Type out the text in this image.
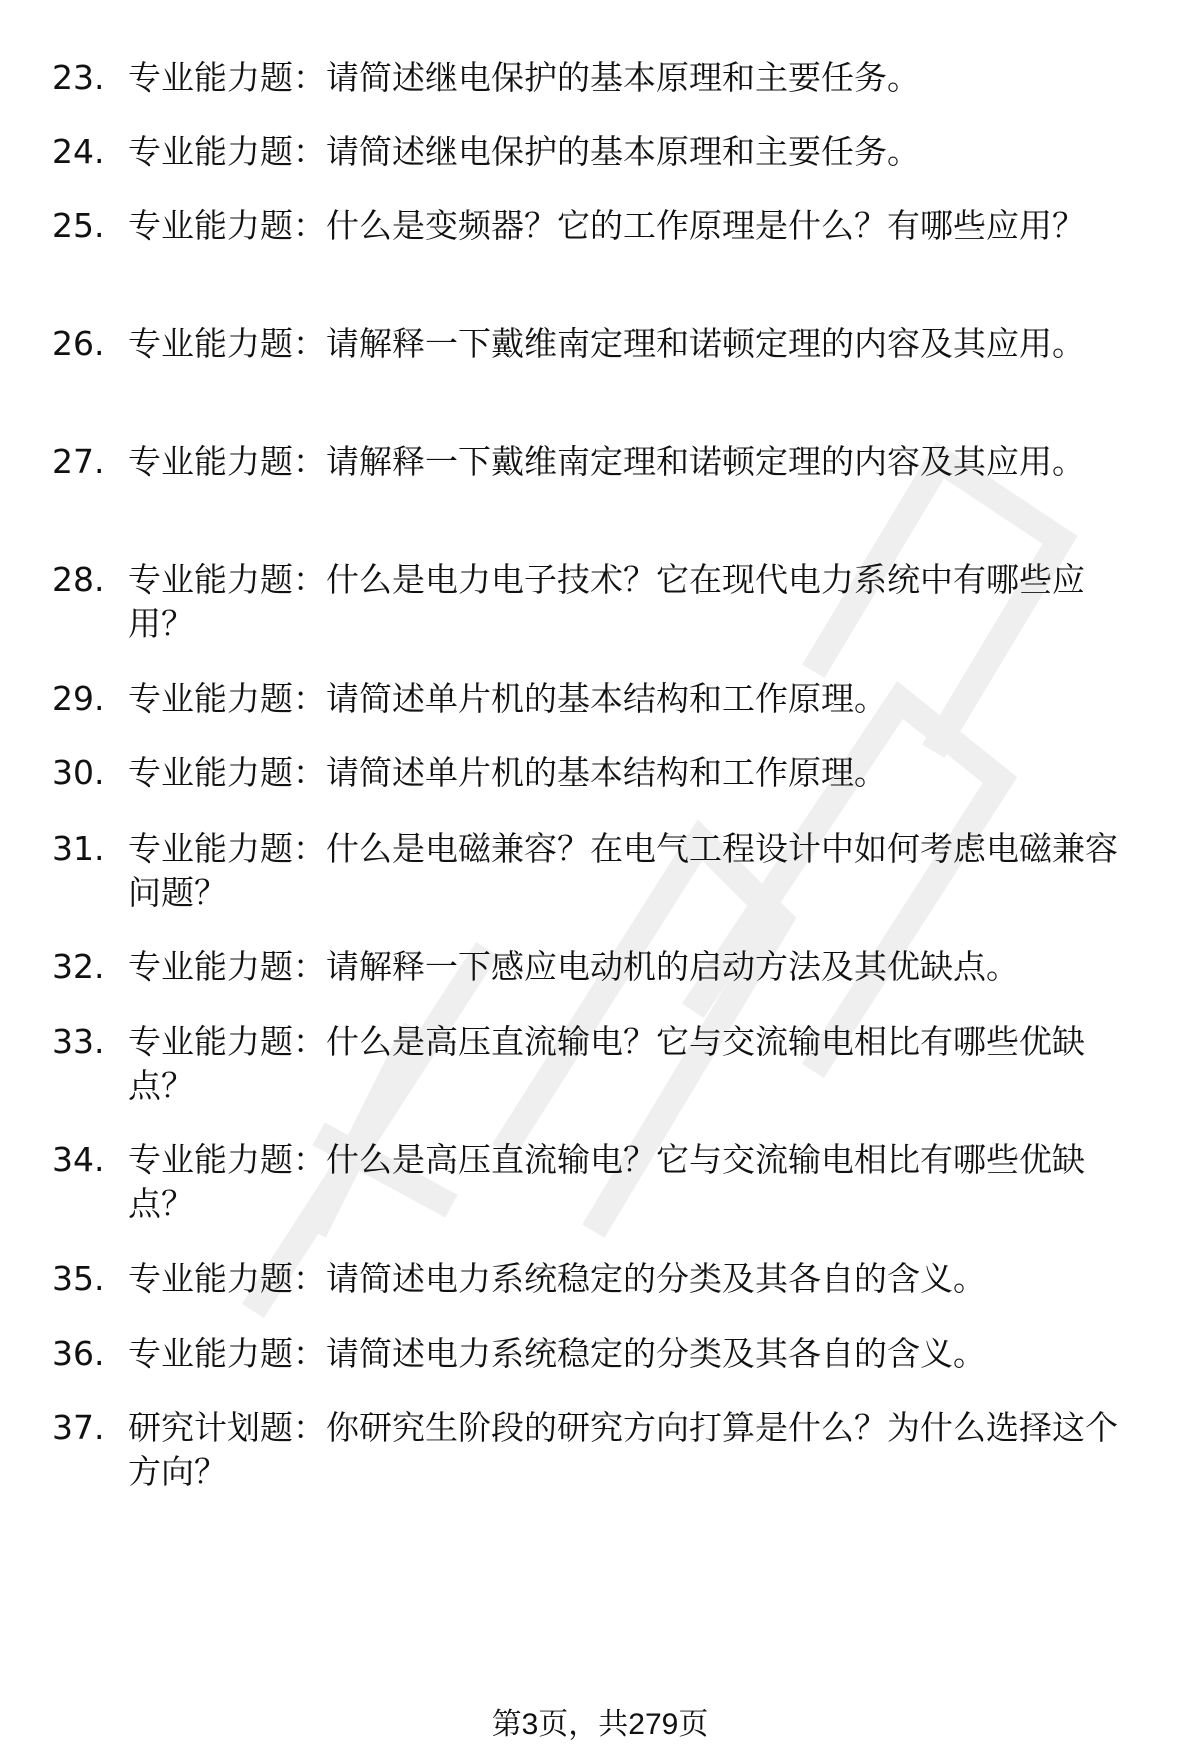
23. 专业能力题：请简述继电保护的基本原理和主要任务。
24. 专业能力题：请简述继电保护的基本原理和主要任务。
25. 专业能力题：什么是变频器？它的工作原理是什么？有哪些应用？
26. 专业能力题：请解释一下戴维南定理和诺顿定理的内容及其应用。
27. 专业能力题：请解释一下戴维南定理和诺顿定理的内容及其应用。
28. 专业能力题：什么是电力电子技术？它在现代电力系统中有哪些应用？
29. 专业能力题：请简述单片机的基本结构和工作原理。
30. 专业能力题：请简述单片机的基本结构和工作原理。
31. 专业能力题：什么是电磁兼容？在电气工程设计中如何考虑电磁兼容问题？
32. 专业能力题：请解释一下感应电动机的启动方法及其优缺点。
33. 专业能力题：什么是高压直流输电？它与交流输电相比有哪些优缺点？
34. 专业能力题：什么是高压直流输电？它与交流输电相比有哪些优缺点？
35. 专业能力题：请简述电力系统稳定的分类及其各自的含义。
36. 专业能力题：请简述电力系统稳定的分类及其各自的含义。
37. 研究计划题：你研究生阶段的研究方向打算是什么？为什么选择这个方向？
第3页，共279页
